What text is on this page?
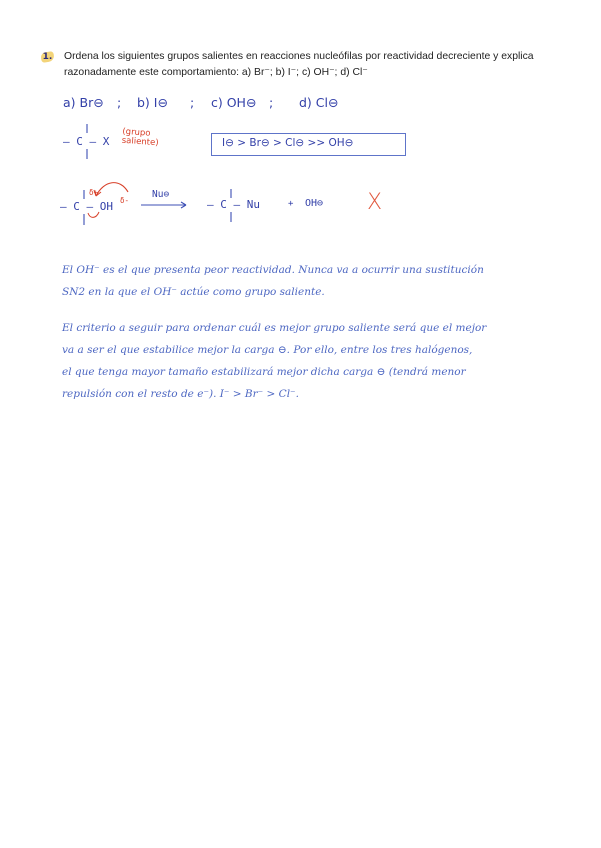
1. Ordena los siguientes grupos salientes en reacciones nucleófilas por reactividad decreciente y explica
razonadamente este comportamiento: a) Br⁻; b) I⁻; c) OH⁻; d) Cl⁻
a) Br⊖ ; b) I⊖ ; c) OH⊖ ; d) Cl⊖
— C — X
(grupo
saliente)	I⊖ > Br⊖ > Cl⊖ >> OH⊖
— C — OH
δ+
δ-
Nu⊖
— C — Nu	+ OH⊖ X
El OH⁻ es el que presenta peor reactividad. Nunca va a ocurrir una sustitución
SN2 en la que el OH⁻ actúe como grupo saliente.
El criterio a seguir para ordenar cuál es mejor grupo saliente será que el mejor
va a ser el que estabilice mejor la carga ⊖. Por ello, entre los tres halógenos,
el que tenga mayor tamaño estabilizará mejor dicha carga ⊖ (tendrá menor
repulsión con el resto de e⁻). I⁻ > Br⁻ > Cl⁻.
